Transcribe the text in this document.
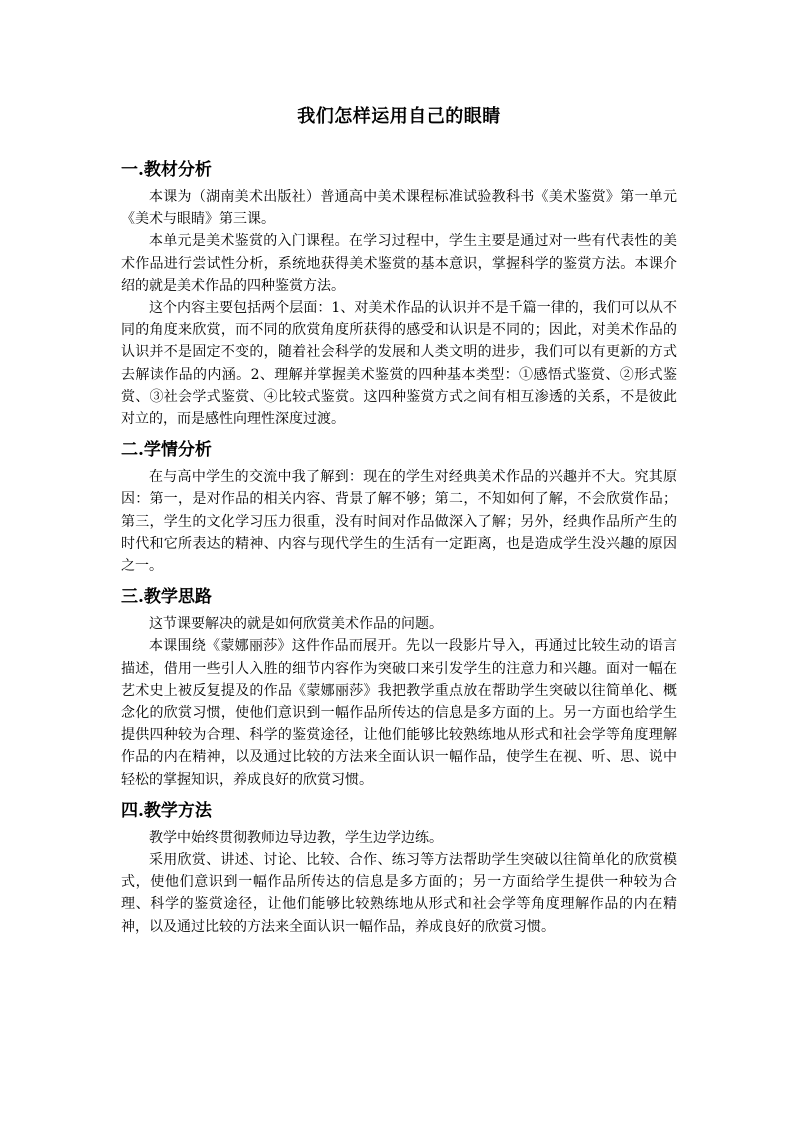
我们怎样运用自己的眼睛
一.教材分析

本课为（湖南美术出版社）普通高中美术课程标准试验教科书《美术鉴赏》第一单元《美术与眼睛》第三课。

本单元是美术鉴赏的入门课程。在学习过程中，学生主要是通过对一些有代表性的美术作品进行尝试性分析，系统地获得美术鉴赏的基本意识，掌握科学的鉴赏方法。本课介绍的就是美术作品的四种鉴赏方法。

这个内容主要包括两个层面：1、对美术作品的认识并不是千篇一律的，我们可以从不同的角度来欣赏，而不同的欣赏角度所获得的感受和认识是不同的；因此，对美术作品的认识并不是固定不变的，随着社会科学的发展和人类文明的进步，我们可以有更新的方式去解读作品的内涵。2、理解并掌握美术鉴赏的四种基本类型：①感悟式鉴赏、②形式鉴赏、③社会学式鉴赏、④比较式鉴赏。这四种鉴赏方式之间有相互渗透的关系，不是彼此对立的，而是感性向理性深度过渡。

二.学情分析

在与高中学生的交流中我了解到：现在的学生对经典美术作品的兴趣并不大。究其原因：第一，是对作品的相关内容、背景了解不够；第二，不知如何了解，不会欣赏作品；第三，学生的文化学习压力很重，没有时间对作品做深入了解；另外，经典作品所产生的时代和它所表达的精神、内容与现代学生的生活有一定距离，也是造成学生没兴趣的原因之一。

三.教学思路

这节课要解决的就是如何欣赏美术作品的问题。

本课围绕《蒙娜丽莎》这件作品而展开。先以一段影片导入，再通过比较生动的语言描述，借用一些引人入胜的细节内容作为突破口来引发学生的注意力和兴趣。面对一幅在艺术史上被反复提及的作品《蒙娜丽莎》我把教学重点放在帮助学生突破以往简单化、概念化的欣赏习惯，使他们意识到一幅作品所传达的信息是多方面的上。另一方面也给学生提供四种较为合理、科学的鉴赏途径，让他们能够比较熟练地从形式和社会学等角度理解作品的内在精神，以及通过比较的方法来全面认识一幅作品，使学生在视、听、思、说中轻松的掌握知识，养成良好的欣赏习惯。

四.教学方法

教学中始终贯彻教师边导边教，学生边学边练。

采用欣赏、讲述、讨论、比较、合作、练习等方法帮助学生突破以往简单化的欣赏模式，使他们意识到一幅作品所传达的信息是多方面的；另一方面给学生提供一种较为合理、科学的鉴赏途径，让他们能够比较熟练地从形式和社会学等角度理解作品的内在精神，以及通过比较的方法来全面认识一幅作品，养成良好的欣赏习惯。
